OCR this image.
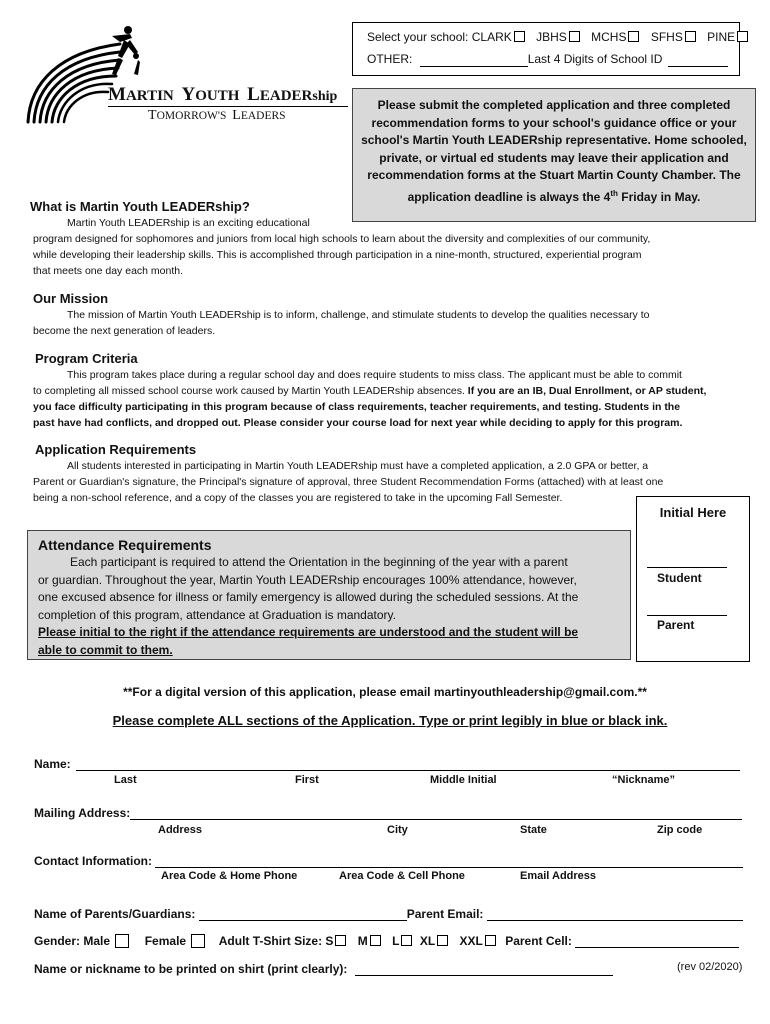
MARTIN YOUTH LEADERship
TOMORROW'S LEADERS
Select your school: CLARK JBHS MCHS SFHS PINE
OTHER:	Last 4 Digits of School ID
Please submit the completed application and three completed
recommendation forms to your school's guidance office or your
school's Martin Youth LEADERship representative. Home schooled,
private, or virtual ed students may leave their application and
recommendation forms at the Stuart Martin County Chamber. The
application deadline is always the 4th Friday in May.
What is Martin Youth LEADERship?
Martin Youth LEADERship is an exciting educational
program designed for sophomores and juniors from local high schools to learn about the diversity and complexities of our community,
while developing their leadership skills. This is accomplished through participation in a nine-month, structured, experiential program
that meets one day each month.
Our Mission
The mission of Martin Youth LEADERship is to inform, challenge, and stimulate students to develop the qualities necessary to
become the next generation of leaders.
Program Criteria
This program takes place during a regular school day and does require students to miss class. The applicant must be able to commit
to completing all missed school course work caused by Martin Youth LEADERship absences. If you are an IB, Dual Enrollment, or AP student,
you face difficulty participating in this program because of class requirements, teacher requirements, and testing. Students in the
past have had conflicts, and dropped out. Please consider your course load for next year while deciding to apply for this program.
Application Requirements
All students interested in participating in Martin Youth LEADERship must have a completed application, a 2.0 GPA or better, a
Parent or Guardian's signature, the Principal's signature of approval, three Student Recommendation Forms (attached) with at least one
being a non-school reference, and a copy of the classes you are registered to take in the upcoming Fall Semester.
Attendance Requirements
Each participant is required to attend the Orientation in the beginning of the year with a parent
or guardian. Throughout the year, Martin Youth LEADERship encourages 100% attendance, however,
one excused absence for illness or family emergency is allowed during the scheduled sessions. At the
completion of this program, attendance at Graduation is mandatory.
Please initial to the right if the attendance requirements are understood and the student will be
able to commit to them.
Initial Here
Student
Parent
**For a digital version of this application, please email martinyouthleadership@gmail.com.**
Please complete ALL sections of the Application. Type or print legibly in blue or black ink.
Name:
Last	First	Middle Initial	“Nickname”
Mailing Address:
Address	City	State	Zip code
Contact Information:
Area Code & Home Phone	Area Code & Cell Phone	Email Address
Name of Parents/Guardians:	Parent Email:
Gender: Male	Female	Adult T-Shirt Size: S M L XL XXL Parent Cell:
Name or nickname to be printed on shirt (print clearly):	(rev 02/2020)
